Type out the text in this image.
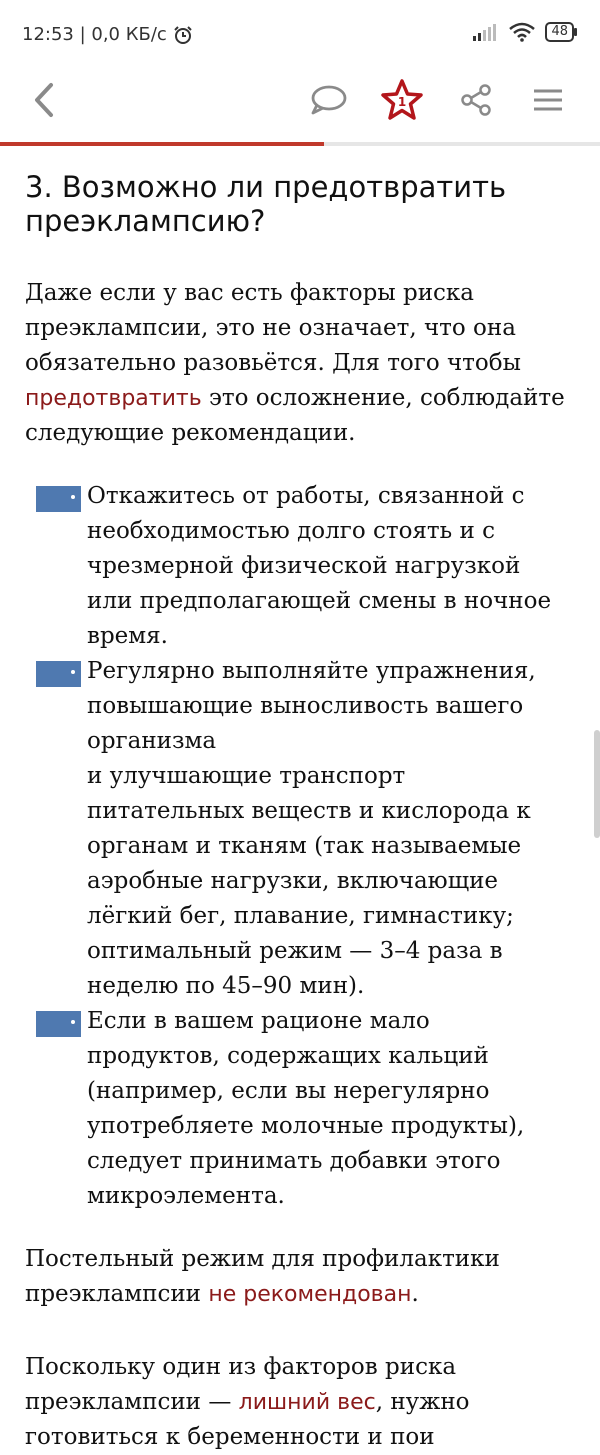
12:53 | 0,0 КБ/с	48
1
3. Возможно ли предотвратить преэклампсию?

Даже если у вас есть факторы риска преэклампсии, это не означает, что она обязательно разовьётся. Для того чтобы предотвратить это осложнение, соблюдайте следующие рекомендации.

Откажитесь от работы, связанной с необходимостью долго стоять и с чрезмерной физической нагрузкой или предполагающей смены в ночное время.
Регулярно выполняйте упражнения, повышающие выносливость вашего организма
и улучшающие транспорт питательных веществ и кислорода к органам и тканям (так называемые аэробные нагрузки, включающие лёгкий бег, плавание, гимнастику; оптимальный режим — 3–4 раза в неделю по 45–90 мин).
Если в вашем рационе мало продуктов, содержащих кальций (например, если вы нерегулярно употребляете молочные продукты), следует принимать добавки этого микроэлемента.

Постельный режим для профилактики преэклампсии не рекомендован.

Поскольку один из факторов риска преэклампсии — лишний вес, нужно готовиться к беременности и пои
